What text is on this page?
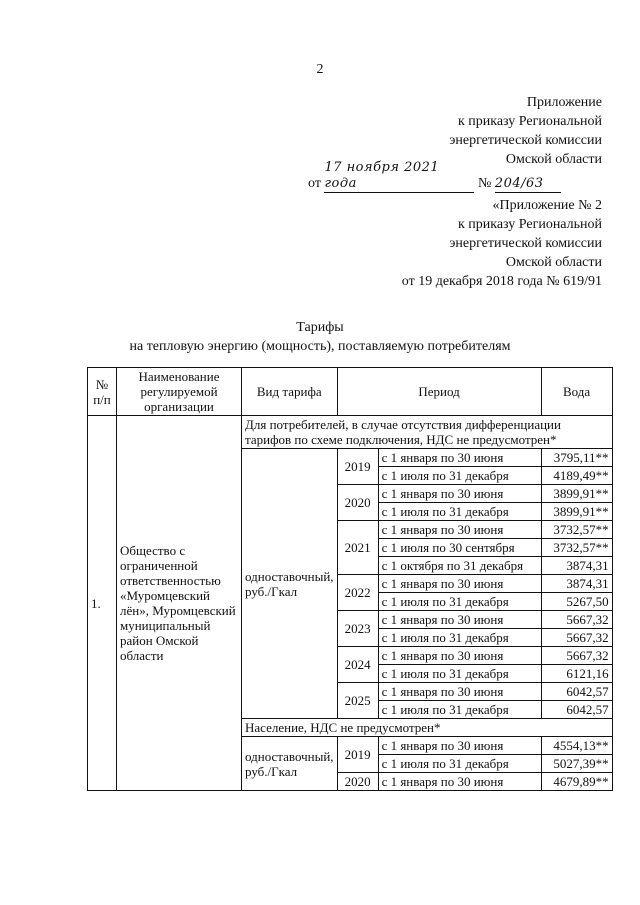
2
Приложение
к приказу Региональной
энергетической комиссии
Омской области
от 17 ноября 2021 года	№ 204/63
«Приложение № 2
к приказу Региональной
энергетической комиссии
Омской области
от 19 декабря 2018 года № 619/91
Тарифы
на тепловую энергию (мощность), поставляемую потребителям
№ п/п	Наименование регулируемой организации	Вид тарифа	Период		Вода
1.	Общество с ограниченной ответственностью «Муромцевский лён», Муромцевский муниципальный район Омской области	Для потребителей, в случае отсутствия дифференциации тарифов по схеме подключения, НДС не предусмотрен*			
		одноставочный, руб./Гкал	2019	с 1 января по 30 июня	3795,11**
				с 1 июля по 31 декабря	4189,49**
			2020	с 1 января по 30 июня	3899,91**
				с 1 июля по 31 декабря	3899,91**
			2021	с 1 января по 30 июня	3732,57**
				с 1 июля по 30 сентября	3732,57**
				с 1 октября по 31 декабря	3874,31
			2022	с 1 января по 30 июня	3874,31
				с 1 июля по 31 декабря	5267,50
			2023	с 1 января по 30 июня	5667,32
				с 1 июля по 31 декабря	5667,32
			2024	с 1 января по 30 июня	5667,32
				с 1 июля по 31 декабря	6121,16
			2025	с 1 января по 30 июня	6042,57
				с 1 июля по 31 декабря	6042,57
		Население, НДС не предусмотрен*			
		одноставочный, руб./Гкал	2019	с 1 января по 30 июня	4554,13**
				с 1 июля по 31 декабря	5027,39**
			2020	с 1 января по 30 июня	4679,89**
